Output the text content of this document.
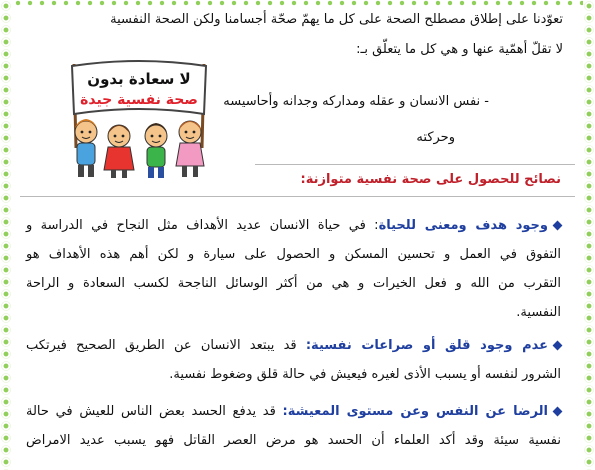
تعوّدنا على إطلاق مصطلح الصحة على كل ما يهمّ صحّة أجسامنا ولكن الصحة النفسية
لا تقلّ أهمّية عنها و هي كل ما يتعلّق بـ:
- نفس الانسان و عقله ومداركه وجدانه وأحاسيسه
وحركته
لا سعادة بدون
صحة نفسية جيدة
نصائح للحصول على صحة نفسية متوازنة:
وجود هدف ومعنى للحياة: في حياة الانسان عديد الأهداف مثل النجاح في الدراسة و
التفوق في العمل و تحسين المسكن و الحصول على سيارة و لكن أهم هذه الأهداف هو
التقرب من الله و فعل الخيرات و هي من أكثر الوسائل الناجحة لكسب السعادة و الراحة
النفسية.
عدم وجود قلق أو صراعات نفسية: قد يبتعد الانسان عن الطريق الصحيح فيرتكب
الشرور لنفسه أو يسبب الأذى لغيره فيعيش في حالة قلق وضغوط نفسية.
الرضا عن النفس وعن مستوى المعيشة: قد يدفع الحسد بعض الناس للعيش في حالة
نفسية سيئة وقد أكد العلماء أن الحسد هو مرض العصر القاتل فهو يسبب عديد الامراض
